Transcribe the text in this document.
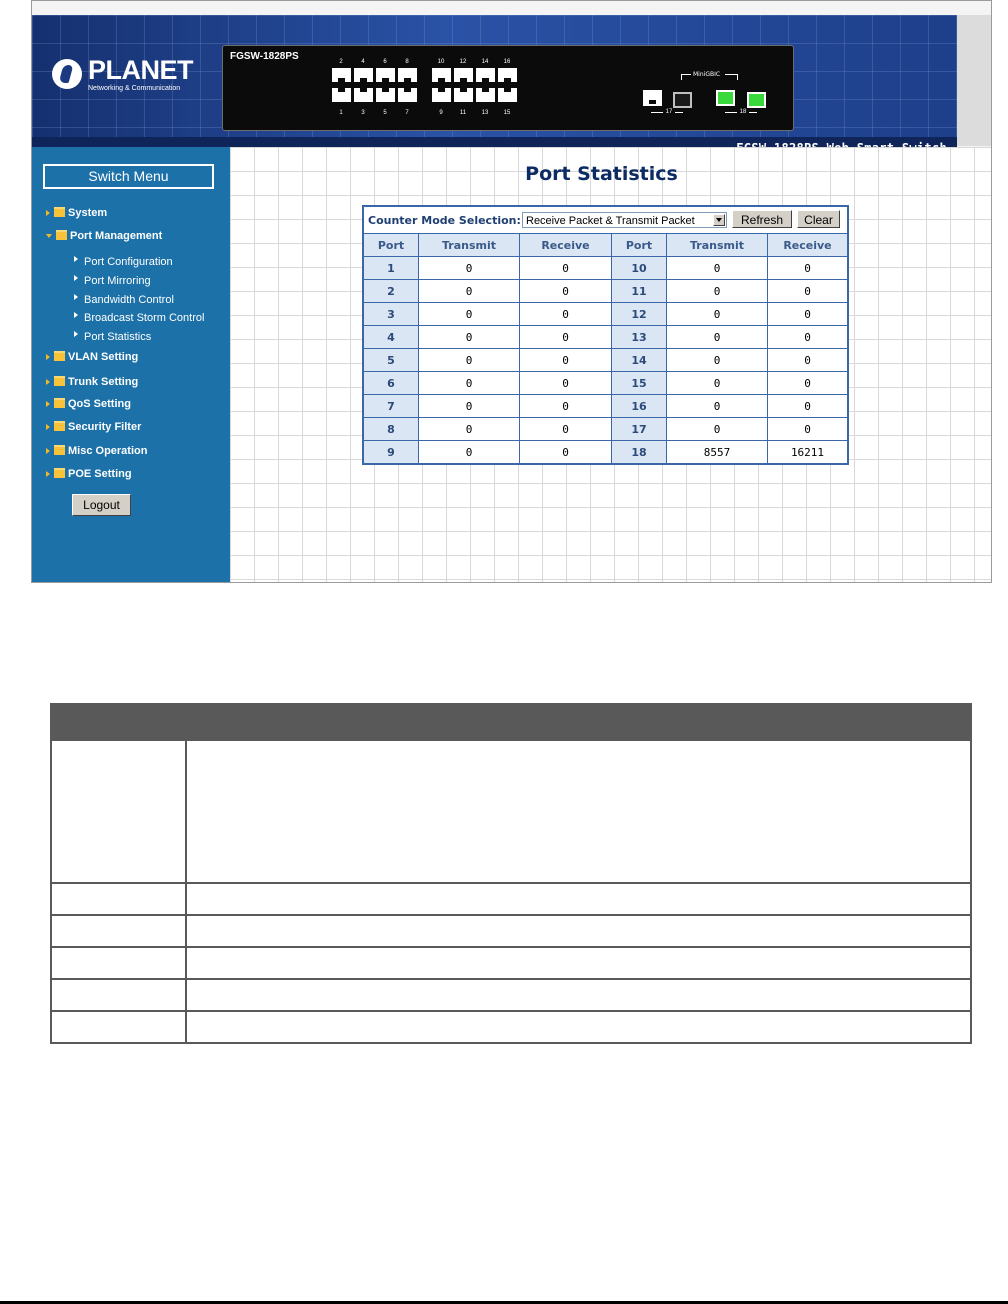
PLANET
Networking & Communication
FGSW-1828PS	2	4	6	8	10	12	14	16
1	3	5	7	9	11	13	15
MiniGBIC
17	18
Switch Menu
System
Port Management
Port Configuration
Port Mirroring
Bandwidth Control
Broadcast Storm Control
Port Statistics
VLAN Setting
Trunk Setting
QoS Setting
Security Filter
Misc Operation
POE Setting
Logout
Port Statistics
Counter Mode Selection: Receive Packet & Transmit Packet	Refresh	Clear
Port	Transmit	Receive	Port	Transmit	Receive
1	0	0	10	0	0
2	0	0	11	0	0
3	0	0	12	0	0
4	0	0	13	0	0
5	0	0	14	0	0
6	0	0	15	0	0
7	0	0	16	0	0
8	0	0	17	0	0
9	0	0	18	8557	16211
